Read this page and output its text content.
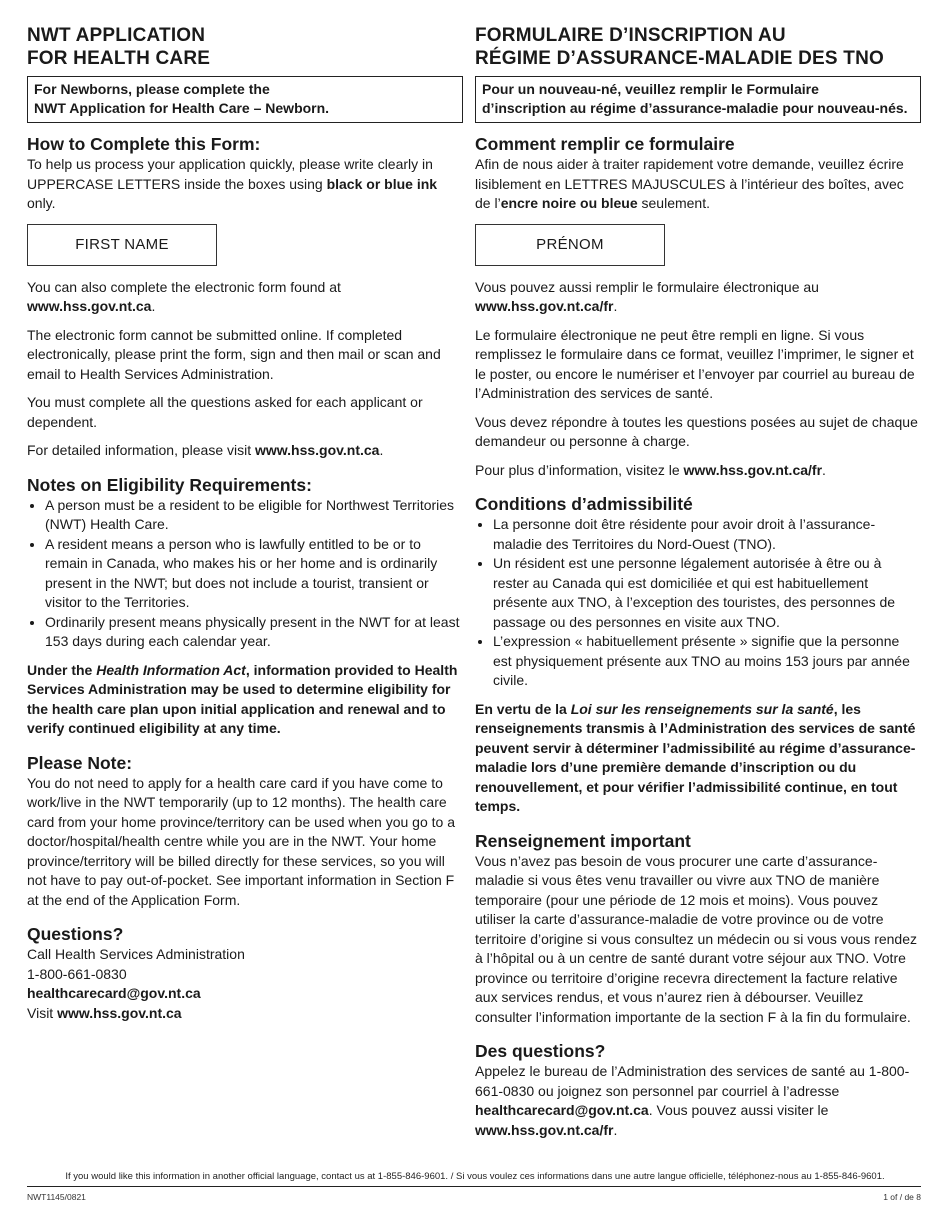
NWT APPLICATION
FOR HEALTH CARE
For Newborns, please complete the
NWT Application for Health Care – Newborn.
How to Complete this Form:

To help us process your application quickly, please write clearly in UPPERCASE LETTERS inside the boxes using black or blue ink only.

FIRST NAME

You can also complete the electronic form found at www.hss.gov.nt.ca.

The electronic form cannot be submitted online. If completed electronically, please print the form, sign and then mail or scan and email to Health Services Administration.

You must complete all the questions asked for each applicant or dependent.

For detailed information, please visit www.hss.gov.nt.ca.

Notes on Eligibility Requirements:
• A person must be a resident to be eligible for Northwest Territories (NWT) Health Care.
• A resident means a person who is lawfully entitled to be or to remain in Canada, who makes his or her home and is ordinarily present in the NWT; but does not include a tourist, transient or visitor to the Territories.
• Ordinarily present means physically present in the NWT for at least 153 days during each calendar year.

Under the Health Information Act, information provided to Health Services Administration may be used to determine eligibility for the health care plan upon initial application and renewal and to verify continued eligibility at any time.

Please Note:

You do not need to apply for a health care card if you have come to work/live in the NWT temporarily (up to 12 months). The health care card from your home province/territory can be used when you go to a doctor/hospital/health centre while you are in the NWT. Your home province/territory will be billed directly for these services, so you will not have to pay out-of-pocket. See important information in Section F at the end of the Application Form.

Questions?

Call Health Services Administration

1-800-661-0830

healthcarecard@gov.nt.ca

Visit www.hss.gov.nt.ca

FORMULAIRE D’INSCRIPTION AU
RÉGIME D’ASSURANCE-MALADIE DES TNO
Pour un nouveau-né, veuillez remplir le Formulaire
d’inscription au régime d’assurance-maladie pour nouveau-nés.
Comment remplir ce formulaire

Afin de nous aider à traiter rapidement votre demande, veuillez écrire lisiblement en LETTRES MAJUSCULES à l’intérieur des boîtes, avec de l’encre noire ou bleue seulement.

PRÉNOM

Vous pouvez aussi remplir le formulaire électronique au www.hss.gov.nt.ca/fr.

Le formulaire électronique ne peut être rempli en ligne. Si vous remplissez le formulaire dans ce format, veuillez l’imprimer, le signer et le poster, ou encore le numériser et l’envoyer par courriel au bureau de l’Administration des services de santé.

Vous devez répondre à toutes les questions posées au sujet de chaque demandeur ou personne à charge.

Pour plus d’information, visitez le www.hss.gov.nt.ca/fr.

Conditions d’admissibilité
• La personne doit être résidente pour avoir droit à l’assurance-maladie des Territoires du Nord-Ouest (TNO).
• Un résident est une personne légalement autorisée à être ou à rester au Canada qui est domiciliée et qui est habituellement présente aux TNO, à l’exception des touristes, des personnes de passage ou des personnes en visite aux TNO.
• L’expression « habituellement présente » signifie que la personne est physiquement présente aux TNO au moins 153 jours par année civile.

En vertu de la Loi sur les renseignements sur la santé, les renseignements transmis à l’Administration des services de santé peuvent servir à déterminer l’admissibilité au régime d’assurance-maladie lors d’une première demande d’inscription ou du renouvellement, et pour vérifier l’admissibilité continue, en tout temps.

Renseignement important

Vous n’avez pas besoin de vous procurer une carte d’assurance-maladie si vous êtes venu travailler ou vivre aux TNO de manière temporaire (pour une période de 12 mois et moins). Vous pouvez utiliser la carte d’assurance-maladie de votre province ou de votre territoire d’origine si vous consultez un médecin ou si vous vous rendez à l’hôpital ou à un centre de santé durant votre séjour aux TNO. Votre province ou territoire d’origine recevra directement la facture relative aux services rendus, et vous n’aurez rien à débourser. Veuillez consulter l’information importante de la section F à la fin du formulaire.

Des questions?

Appelez le bureau de l’Administration des services de santé au 1-800-661-0830 ou joignez son personnel par courriel à l’adresse healthcarecard@gov.nt.ca. Vous pouvez aussi visiter le www.hss.gov.nt.ca/fr.

If you would like this information in another official language, contact us at 1-855-846-9601. / Si vous voulez ces informations dans une autre langue officielle, téléphonez-nous au 1-855-846-9601.
NWT1145/0821	1 of / de 8
